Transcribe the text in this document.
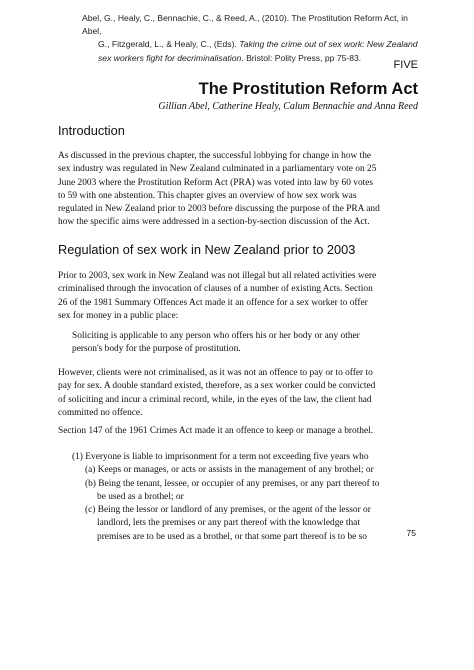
Abel, G., Healy, C., Bennachie, C., & Reed, A., (2010). The Prostitution Reform Act, in Abel,
G., Fitzgerald, L., & Healy, C., (Eds). Taking the crime out of sex work: New Zealand
sex workers fight for decriminalisation. Bristol: Polity Press, pp 75-83.
FIVE
The Prostitution Reform Act
Gillian Abel, Catherine Healy, Calum Bennachie and Anna Reed
Introduction
As discussed in the previous chapter, the successful lobbying for change in how the
sex industry was regulated in New Zealand culminated in a parliamentary vote on 25
June 2003 where the Prostitution Reform Act (PRA) was voted into law by 60 votes
to 59 with one abstention. This chapter gives an overview of how sex work was
regulated in New Zealand prior to 2003 before discussing the purpose of the PRA and
how the specific aims were addressed in a section-by-section discussion of the Act.
Regulation of sex work in New Zealand prior to 2003
Prior to 2003, sex work in New Zealand was not illegal but all related activities were
criminalised through the invocation of clauses of a number of existing Acts. Section
26 of the 1981 Summary Offences Act made it an offence for a sex worker to offer
sex for money in a public place:
Soliciting is applicable to any person who offers his or her body or any other
person's body for the purpose of prostitution.
However, clients were not criminalised, as it was not an offence to pay or to offer to
pay for sex. A double standard existed, therefore, as a sex worker could be convicted
of soliciting and incur a criminal record, while, in the eyes of the law, the client had
committed no offence.
Section 147 of the 1961 Crimes Act made it an offence to keep or manage a brothel.
(1) Everyone is liable to imprisonment for a term not exceeding five years who
(a) Keeps or manages, or acts or assists in the management of any brothel; or
(b) Being the tenant, lessee, or occupier of any premises, or any part thereof to
be used as a brothel; or
(c) Being the lessor or landlord of any premises, or the agent of the lessor or
landlord, lets the premises or any part thereof with the knowledge that
premises are to be used as a brothel, or that some part thereof is to be so	75
